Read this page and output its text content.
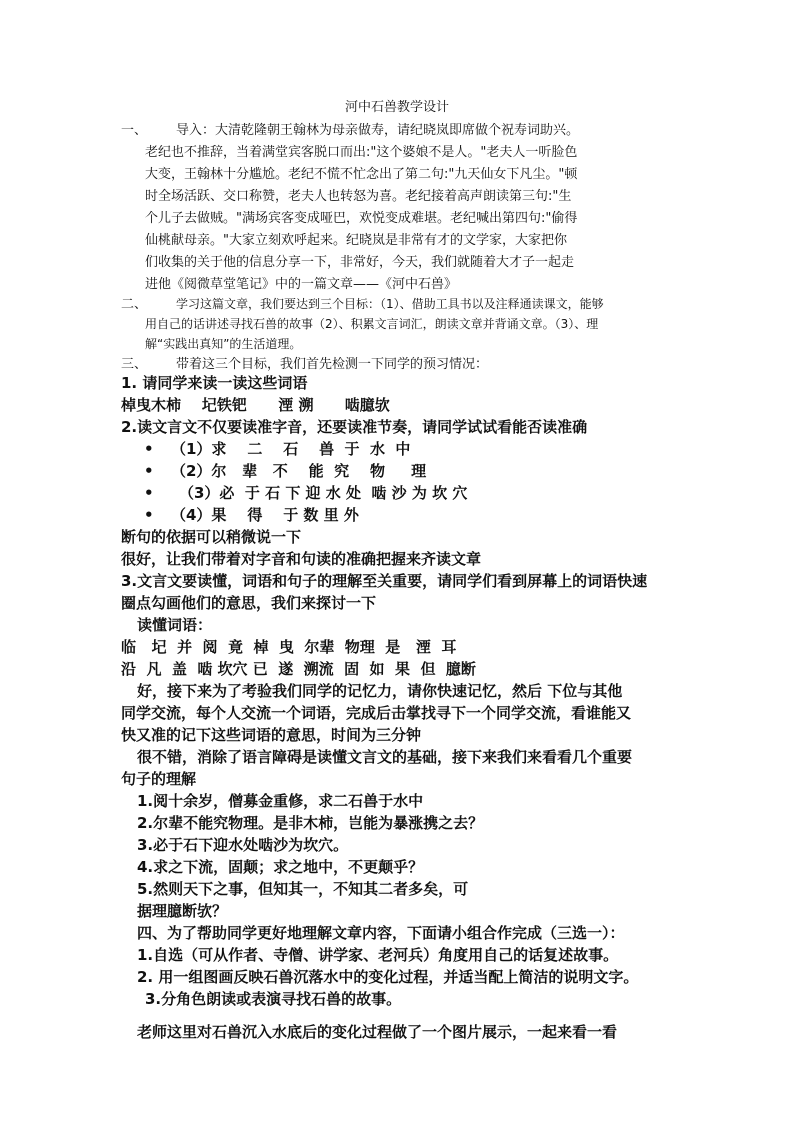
河中石兽教学设计
一、 导入：大清乾隆朝王翰林为母亲做寿，请纪晓岚即席做个祝寿词助兴。
老纪也不推辞，当着满堂宾客脱口而出:"这个婆娘不是人。"老夫人一听脸色
大变，王翰林十分尴尬。老纪不慌不忙念出了第二句:"九天仙女下凡尘。"顿
时全场活跃、交口称赞，老夫人也转怒为喜。老纪接着高声朗读第三句:"生
个儿子去做贼。"满场宾客变成哑巴，欢悦变成难堪。老纪喊出第四句:"偷得
仙桃献母亲。"大家立刻欢呼起来。纪晓岚是非常有才的文学家，大家把你
们收集的关于他的信息分享一下，非常好，今天，我们就随着大才子一起走
进他《阅微草堂笔记》中的一篇文章——《河中石兽》
二、 学习这篇文章，我们要达到三个目标：（1）、借助工具书以及注释通读课文，能够
用自己的话讲述寻找石兽的故事（2）、积累文言词汇，朗读文章并背诵文章。（3）、理
解“实践出真知”的生活道理。
三、 带着这三个目标，我们首先检测一下同学的预习情况：
1. 请同学来读一读这些词语
棹曳木柿    圮铁钯      湮 溯      啮臆欤
2.读文言文不仅要读准字音，还要读准节奏，请同学试试看能否读准确
• （1）求    二    石    兽  于  水  中
• （2）尔   辈   不    能  究    物     理
• （3）必  于 石 下 迎 水 处  啮 沙 为 坎 穴
• （4）果    得    于 数 里 外
断句的依据可以稍微说一下
很好，让我们带着对字音和句读的准确把握来齐读文章
3.文言文要读懂，词语和句子的理解至关重要，请同学们看到屏幕上的词语快速
圈点勾画他们的意思，我们来探讨一下
读懂词语：
临   圮  并  阅  竟  棹  曳  尔辈  物理  是   湮  耳
沿  凡  盖  啮 坎穴 已  遂  溯流  固  如  果  但  臆断
好，接下来为了考验我们同学的记忆力，请你快速记忆，然后 下位与其他
同学交流，每个人交流一个词语，完成后击掌找寻下一个同学交流，看谁能又
快又准的记下这些词语的意思，时间为三分钟
很不错，消除了语言障碍是读懂文言文的基础，接下来我们来看看几个重要
句子的理解
1.阅十余岁，僧募金重修，求二石兽于水中
2.尔辈不能究物理。是非木柿，岂能为暴涨携之去？
3.必于石下迎水处啮沙为坎穴。
4.求之下流，固颠；求之地中，不更颠乎？
5.然则天下之事，但知其一，不知其二者多矣，可
据理臆断欤？
四、为了帮助同学更好地理解文章内容，下面请小组合作完成（三选一）：
1.自选（可从作者、寺僧、讲学家、老河兵）角度用自己的话复述故事。
2. 用一组图画反映石兽沉落水中的变化过程，并适当配上简洁的说明文字。
3.分角色朗读或表演寻找石兽的故事。
老师这里对石兽沉入水底后的变化过程做了一个图片展示，一起来看一看
